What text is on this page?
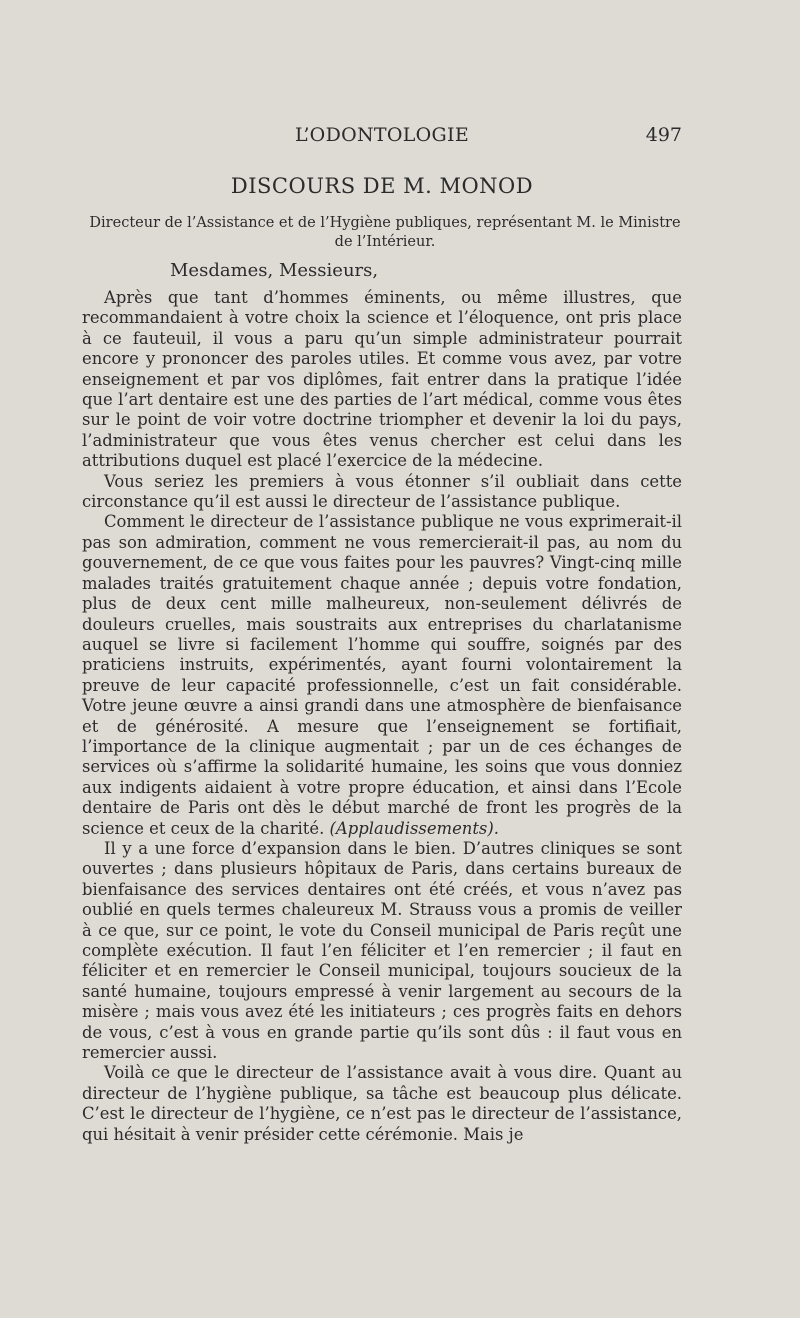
L’ODONTOLOGIE	497
DISCOURS DE M. MONOD
Directeur de l’Assistance et de l’Hygiène publiques, représentant M. le Ministre de l’Intérieur.
Mesdames, Messieurs,

Après que tant d’hommes éminents, ou même illustres, que recommandaient à votre choix la science et l’éloquence, ont pris place à ce fauteuil, il vous a paru qu’un simple administrateur pourrait encore y prononcer des paroles utiles. Et comme vous avez, par votre enseignement et par vos diplômes, fait entrer dans la pratique l’idée que l’art dentaire est une des parties de l’art médical, comme vous êtes sur le point de voir votre doctrine triompher et devenir la loi du pays, l’administrateur que vous êtes venus chercher est celui dans les attributions duquel est placé l’exercice de la médecine.

Vous seriez les premiers à vous étonner s’il oubliait dans cette circonstance qu’il est aussi le directeur de l’assistance publique.

Comment le directeur de l’assistance publique ne vous exprimerait-il pas son admiration, comment ne vous remercierait-il pas, au nom du gouvernement, de ce que vous faites pour les pauvres? Vingt-cinq mille malades traités gratuitement chaque année ; depuis votre fondation, plus de deux cent mille malheureux, non-seulement délivrés de douleurs cruelles, mais soustraits aux entreprises du charlatanisme auquel se livre si facilement l’homme qui souffre, soignés par des praticiens instruits, expérimentés, ayant fourni volontairement la preuve de leur capacité professionnelle, c’est un fait considérable. Votre jeune œuvre a ainsi grandi dans une atmosphère de bienfaisance et de générosité. A mesure que l’enseignement se fortifiait, l’importance de la clinique augmentait ; par un de ces échanges de services où s’affirme la solidarité humaine, les soins que vous donniez aux indigents aidaient à votre propre éducation, et ainsi dans l’Ecole dentaire de Paris ont dès le début marché de front les progrès de la science et ceux de la charité. (Applaudissements).

Il y a une force d’expansion dans le bien. D’autres cliniques se sont ouvertes ; dans plusieurs hôpitaux de Paris, dans certains bureaux de bienfaisance des services dentaires ont été créés, et vous n’avez pas oublié en quels termes chaleureux M. Strauss vous a promis de veiller à ce que, sur ce point, le vote du Conseil municipal de Paris reçût une complète exécution. Il faut l’en féliciter et l’en remercier ; il faut en féliciter et en remercier le Conseil municipal, toujours soucieux de la santé humaine, toujours empressé à venir largement au secours de la misère ; mais vous avez été les initiateurs ; ces progrès faits en dehors de vous, c’est à vous en grande partie qu’ils sont dûs : il faut vous en remercier aussi.

Voilà ce que le directeur de l’assistance avait à vous dire. Quant au directeur de l’hygiène publique, sa tâche est beaucoup plus délicate. C’est le directeur de l’hygiène, ce n’est pas le directeur de l’assistance, qui hésitait à venir présider cette cérémonie. Mais je
